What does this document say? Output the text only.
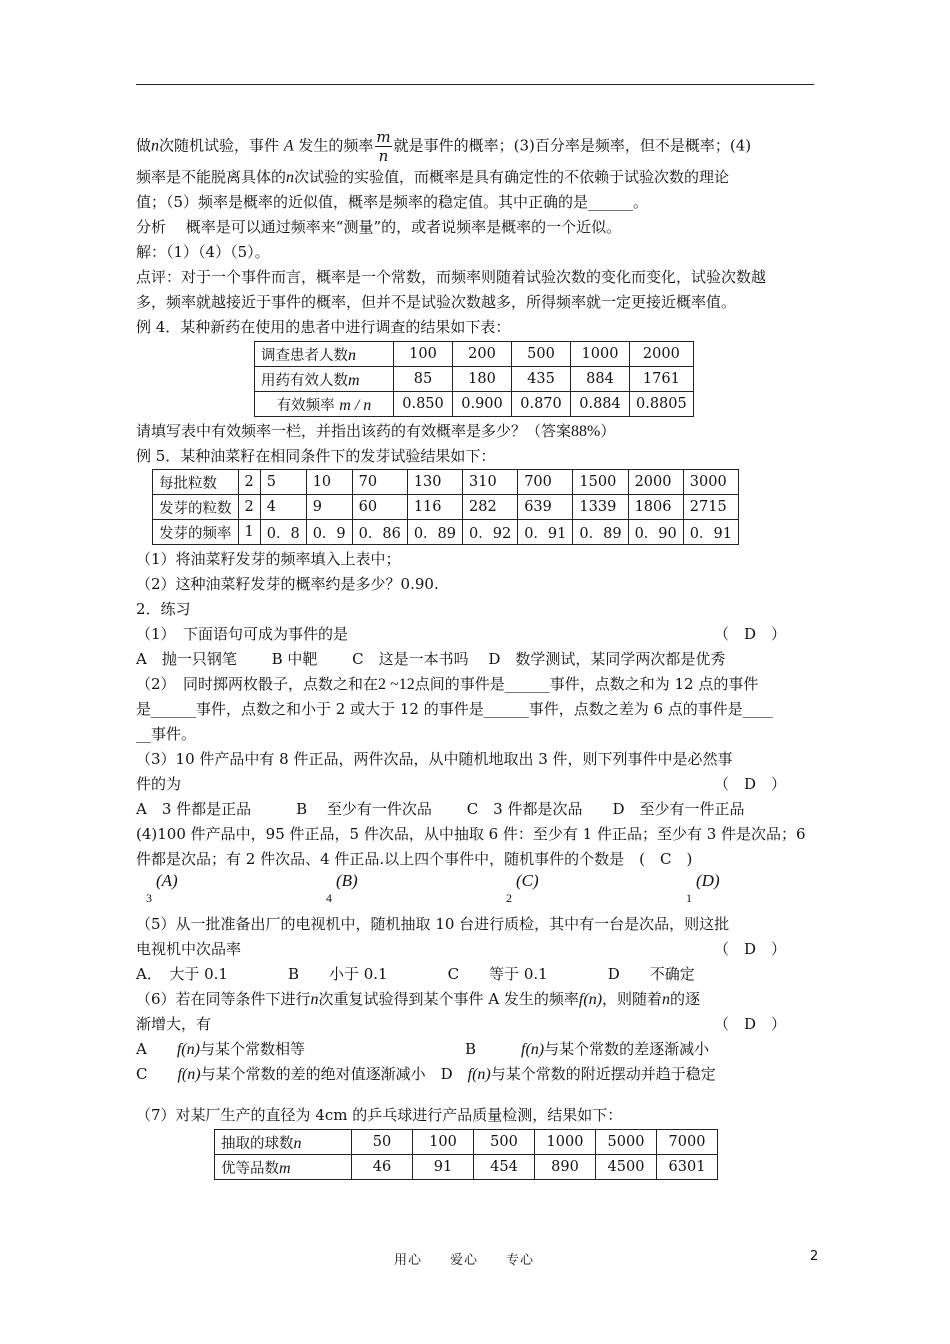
做n次随机试验，事件 A 发生的频率 $\frac{m}{n}$ 就是事件的概率；(3)百分率是频率，但不是概率；(4)

频率是不能脱离具体的n次试验的实验值，而概率是具有确定性的不依赖于试验次数的理论

值；（5）频率是概率的近似值，概率是频率的稳定值。其中正确的是______。

分析　 概率是可以通过频率来“测量”的，或者说频率是概率的一个近似。

解：（1）（4）（5）。

点评：对于一个事件而言，概率是一个常数，而频率则随着试验次数的变化而变化，试验次数越

多，频率就越接近于事件的概率，但并不是试验次数越多，所得频率就一定更接近概率值。

例 4．某种新药在使用的患者中进行调查的结果如下表：

调查患者人数n	100	200	500	1000	2000
用药有效人数m	85	180	435	884	1761
有效频率 m / n	0.850	0.900	0.870	0.884	0.8805

请填写表中有效频率一栏，并指出该药的有效概率是多少？（答案88%）

例 5．某种油菜籽在相同条件下的发芽试验结果如下：

每批粒数	2	5	10	70	130	310	700	1500	2000	3000
发芽的粒数	2	4	9	60	116	282	639	1339	1806	2715
发芽的频率	1	0．8	0．9	0．86	0．89	0．92	0．91	0．89	0．90	0．91

（1）将油菜籽发芽的频率填入上表中；

（2）这种油菜籽发芽的概率约是多少？0.90.

2．练习

（1）　下面语句可成为事件的是	（　D　）

A　抛一只钢笔　　 B 中靶　　 C　这是一本书吗　 D　数学测试，某同学两次都是优秀

（2）　同时掷两枚骰子，点数之和在2 ~12点间的事件是______事件，点数之和为 12 点的事件

是______事件，点数之和小于 2 或大于 12 的事件是______事件，点数之差为 6 点的事件是____

__事件。

（3）10 件产品中有 8 件正品，两件次品，从中随机地取出 3 件，则下列事件中是必然事

件的为	（　D　）

A　3 件都是正品　　　B　 至少有一件次品　　 C　3 件都是次品　　D　至少有一件正品

(4)100 件产品中，95 件正品，5 件次品，从中抽取 6 件：至少有 1 件正品；至少有 3 件是次品；6

件都是次品；有 2 件次品、4 件正品.以上四个事件中，随机事件的个数是　(　C　)

$(A)^3$
$(B)^4$
$(C)^2$
$(D)^1$

（5）从一批准备出厂的电视机中，随机抽取 10 台进行质检，其中有一台是次品，则这批

电视机中次品率	（　D　）

A．　大于 0.1　　　　B　　小于 0.1　　　　C　　等于 0.1　　　　D　　不确定

（6）若在同等条件下进行n次重复试验得到某个事件 A 发生的频率f(n)，则随着n的逐

渐增大，有	（　D　）

A　　f(n)与某个常数相等	B　　　f(n)与某个常数的差逐渐减小

C　　f(n)与某个常数的差的绝对值逐渐减小　D　f(n)与某个常数的附近摆动并趋于稳定

（7）对某厂生产的直径为 4cm 的乒乓球进行产品质量检测，结果如下：

抽取的球数n	50	100	500	1000	5000	7000
优等品数m	46	91	454	890	4500	6301
用心　　爱心　　专心	2
